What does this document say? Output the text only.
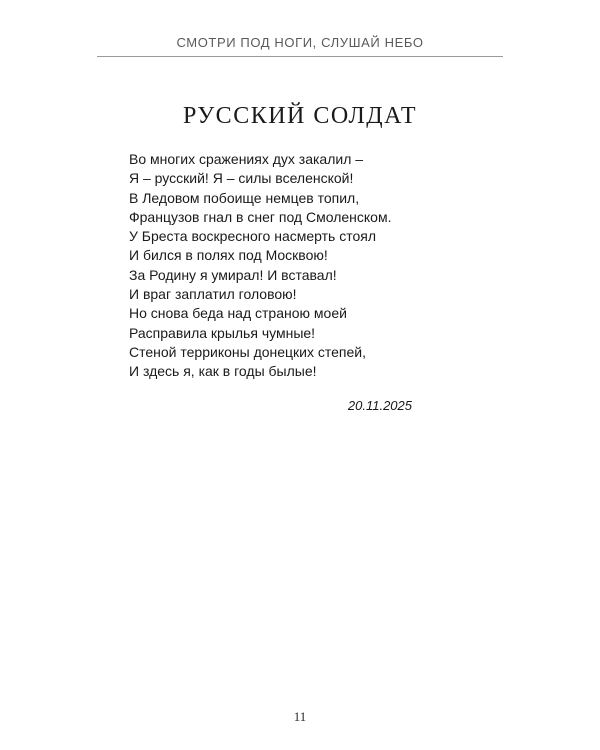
СМОТРИ ПОД НОГИ, СЛУШАЙ НЕБО
РУССКИЙ СОЛДАТ
Во многих сражениях дух закалил –
Я – русский! Я – силы вселенской!
В Ледовом побоище немцев топил,
Французов гнал в снег под Смоленском.
У Бреста воскресного насмерть стоял
И бился в полях под Москвою!
За Родину я умирал! И вставал!
И враг заплатил головою!
Но снова беда над страною моей
Расправила крылья чумные!
Стеной терриконы донецких степей,
И здесь я, как в годы былые!
20.11.2025
11
